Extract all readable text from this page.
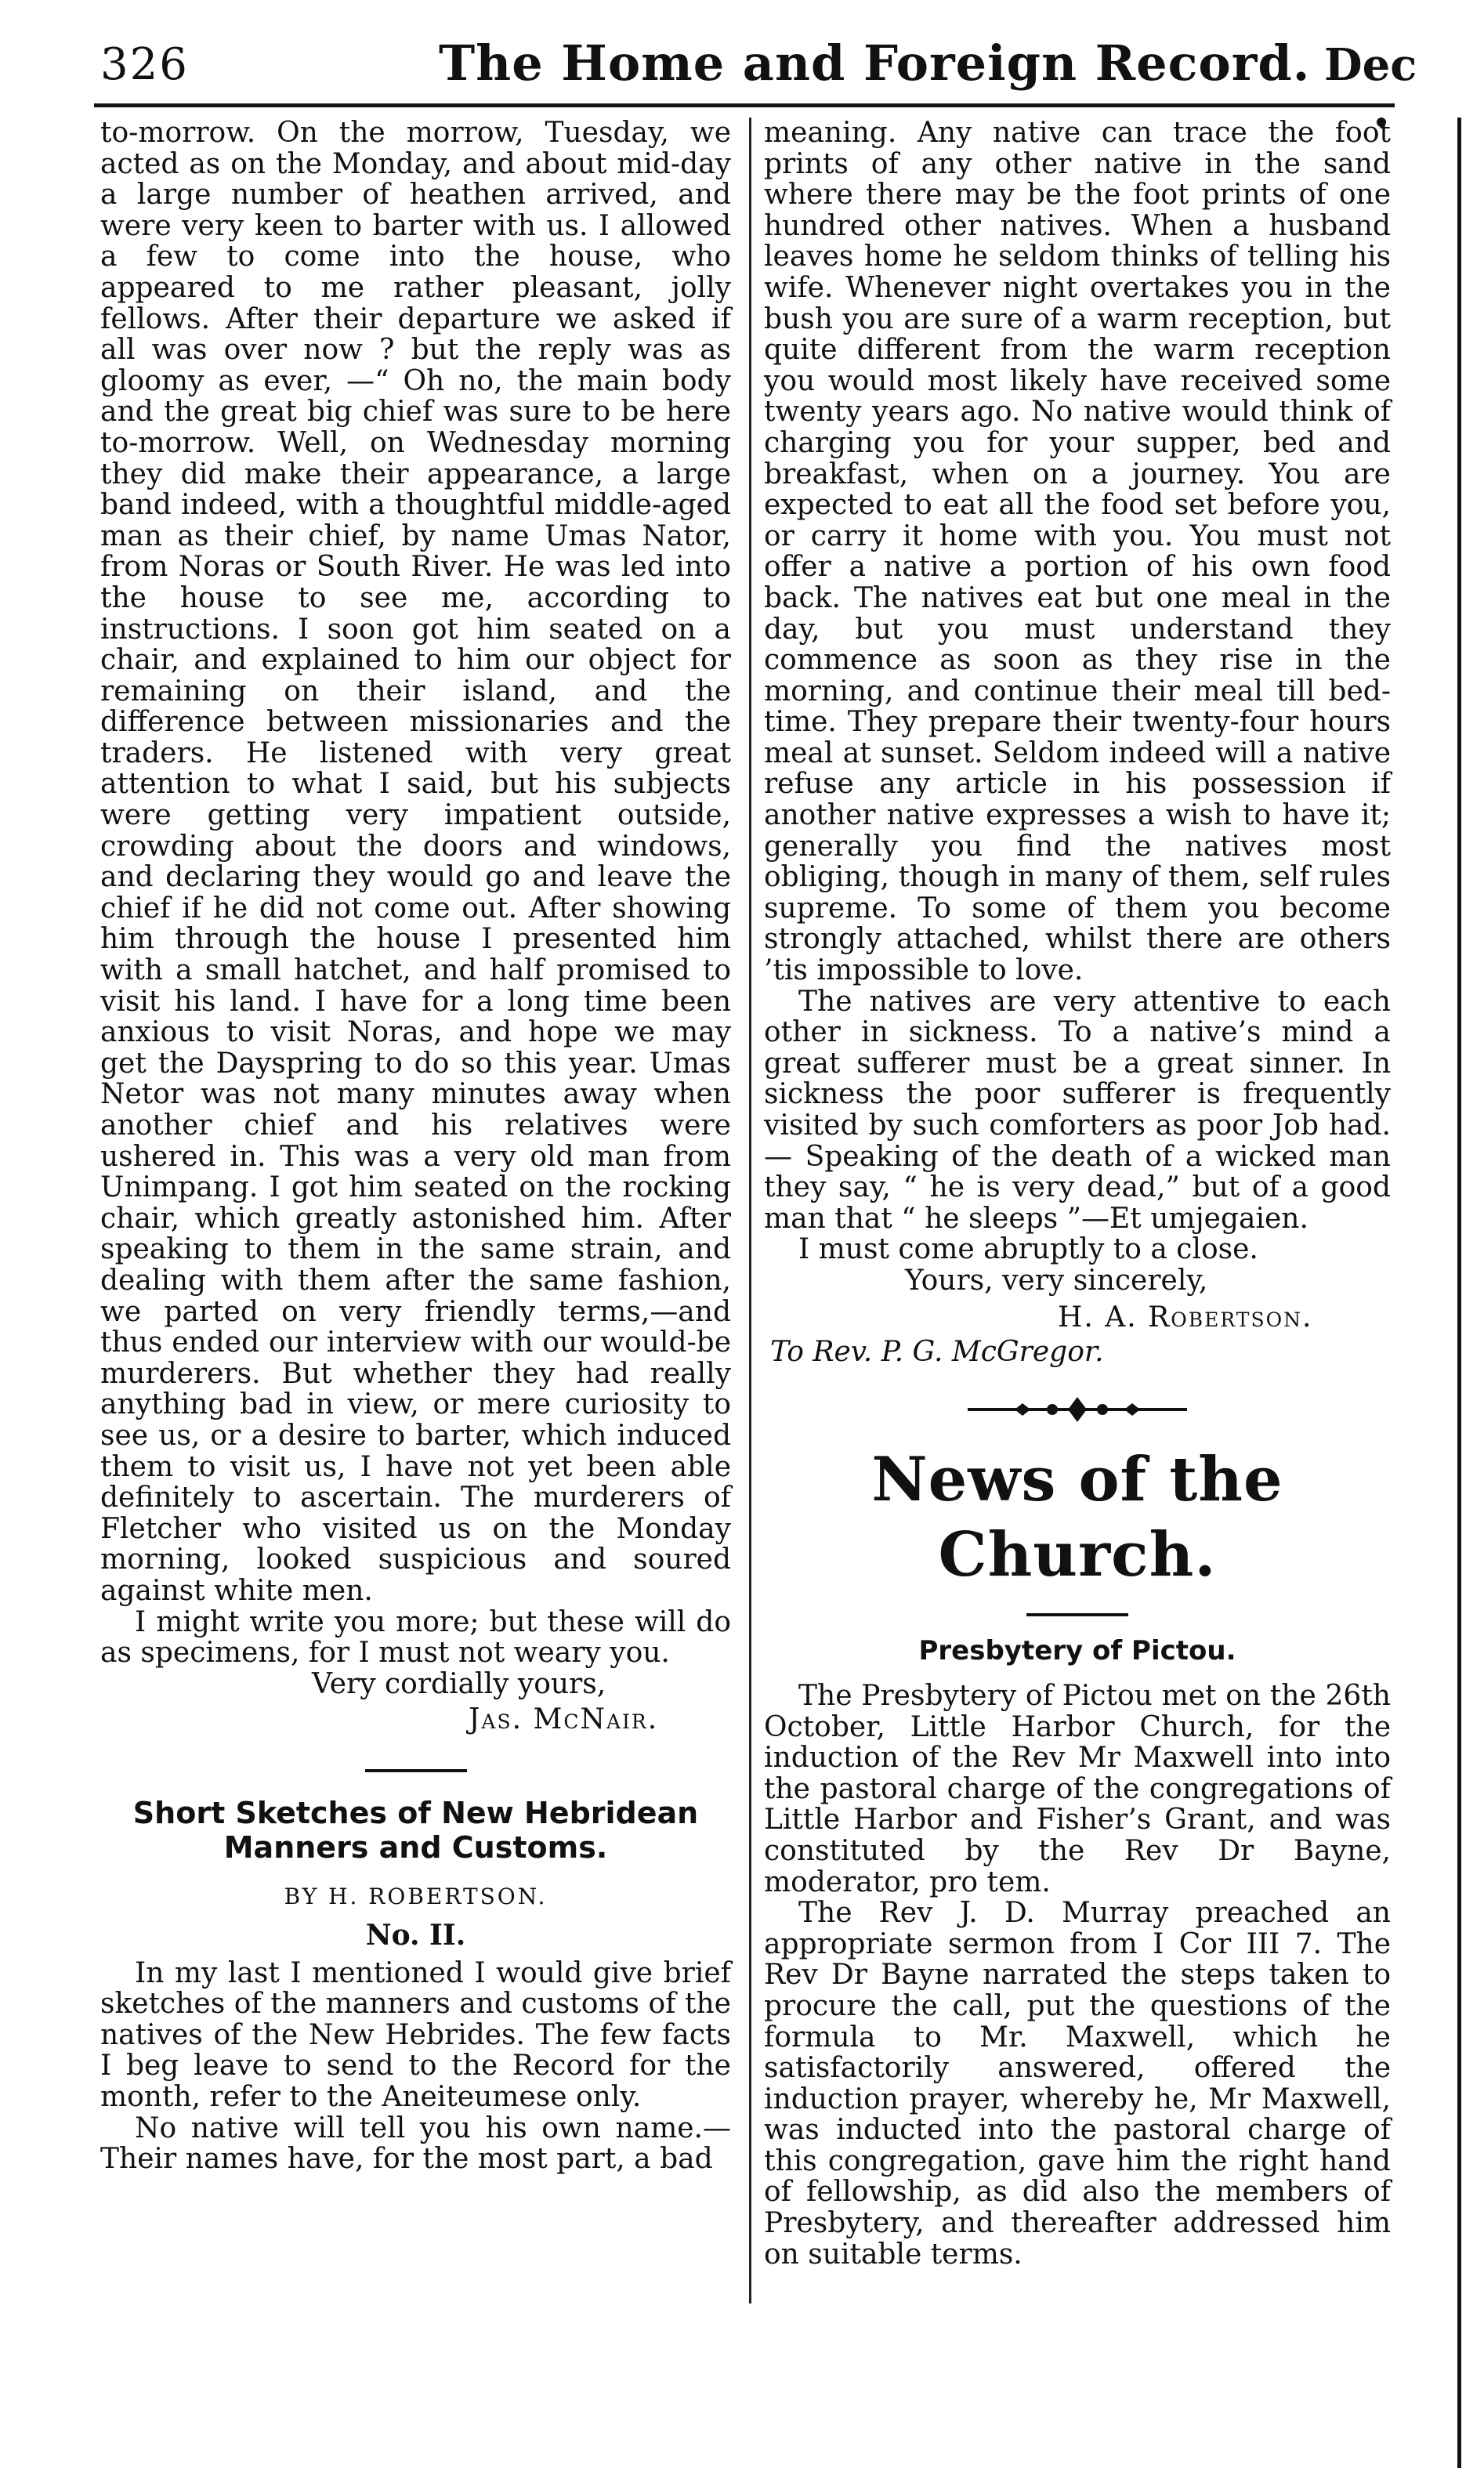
326	The Home and Foreign Record. Dec

to-morrow. On the morrow, Tuesday, we acted as on the Monday, and about mid-day a large number of heathen arrived, and were very keen to barter with us. I allowed a few to come into the house, who appeared to me rather pleasant, jolly fellows. After their departure we asked if all was over now ? but the reply was as gloomy as ever, —“ Oh no, the main body and the great big chief was sure to be here to-morrow. Well, on Wednesday morning they did make their appearance, a large band indeed, with a thoughtful middle-aged man as their chief, by name Umas Nator, from Noras or South River. He was led into the house to see me, according to instructions. I soon got him seated on a chair, and explained to him our object for remaining on their island, and the difference between missionaries and the traders. He listened with very great attention to what I said, but his subjects were getting very impatient outside, crowding about the doors and windows, and declaring they would go and leave the chief if he did not come out. After showing him through the house I presented him with a small hatchet, and half promised to visit his land. I have for a long time been anxious to visit Noras, and hope we may get the Dayspring to do so this year. Umas Netor was not many minutes away when another chief and his relatives were ushered in. This was a very old man from Unimpang. I got him seated on the rocking chair, which greatly astonished him. After speaking to them in the same strain, and dealing with them after the same fashion, we parted on very friendly terms,—and thus ended our interview with our would-be murderers. But whether they had really anything bad in view, or mere curiosity to see us, or a desire to barter, which induced them to visit us, I have not yet been able definitely to ascertain. The murderers of Fletcher who visited us on the Monday morning, looked suspicious and soured against white men.

I might write you more; but these will do as specimens, for I must not weary you.

Very cordially yours,

Jas. McNair.

Short Sketches of New Hebridean Manners and Customs.

BY H. ROBERTSON.

No. II.

In my last I mentioned I would give brief sketches of the manners and customs of the natives of the New Hebrides. The few facts I beg leave to send to the Record for the month, refer to the Aneiteumese only.

No native will tell you his own name.— Their names have, for the most part, a bad

meaning. Any native can trace the foot prints of any other native in the sand where there may be the foot prints of one hundred other natives. When a husband leaves home he seldom thinks of telling his wife. Whenever night overtakes you in the bush you are sure of a warm reception, but quite different from the warm reception you would most likely have received some twenty years ago. No native would think of charging you for your supper, bed and breakfast, when on a journey. You are expected to eat all the food set before you, or carry it home with you. You must not offer a native a portion of his own food back. The natives eat but one meal in the day, but you must understand they commence as soon as they rise in the morning, and continue their meal till bed-time. They prepare their twenty-four hours meal at sunset. Seldom indeed will a native refuse any article in his possession if another native expresses a wish to have it; generally you find the natives most obliging, though in many of them, self rules supreme. To some of them you become strongly attached, whilst there are others ’tis impossible to love.

The natives are very attentive to each other in sickness. To a native’s mind a great sufferer must be a great sinner. In sickness the poor sufferer is frequently visited by such comforters as poor Job had.— Speaking of the death of a wicked man they say, “ he is very dead,” but of a good man that “ he sleeps ”—Et umjegaien.

I must come abruptly to a close.

Yours, very sincerely,

H. A. Robertson.

To Rev. P. G. McGregor.

News of the Church.
Presbytery of Pictou.

The Presbytery of Pictou met on the 26th October, Little Harbor Church, for the induction of the Rev Mr Maxwell into into the pastoral charge of the congregations of Little Harbor and Fisher’s Grant, and was constituted by the Rev Dr Bayne, moderator, pro tem.

The Rev J. D. Murray preached an appropriate sermon from I Cor III 7. The Rev Dr Bayne narrated the steps taken to procure the call, put the questions of the formula to Mr. Maxwell, which he satisfactorily answered, offered the induction prayer, whereby he, Mr Maxwell, was inducted into the pastoral charge of this congregation, gave him the right hand of fellowship, as did also the members of Presbytery, and thereafter addressed him on suitable terms.
